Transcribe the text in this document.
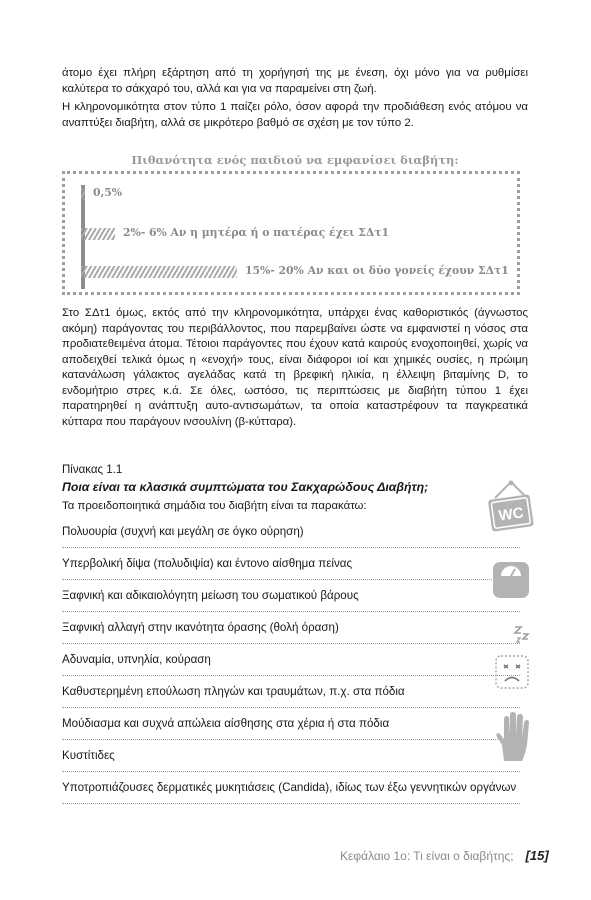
άτομο έχει πλήρη εξάρτηση από τη χορήγησή της με ένεση, όχι μόνο για να ρυθμίσει καλύτερα το σάκχαρό του, αλλά και για να παραμείνει στη ζωή.

Η κληρονομικότητα στον τύπο 1 παίζει ρόλο, όσον αφορά την προδιάθεση ενός ατόμου να αναπτύξει διαβήτη, αλλά σε μικρότερο βαθμό σε σχέση με τον τύπο 2.

Πιθανότητα ενός παιδιού να εμφανίσει διαβήτη:
0,5%
2%- 6% Αν η μητέρα ή ο πατέρας έχει ΣΔτ1
15%- 20% Αν και οι δύο γονείς έχουν ΣΔτ1

Στο ΣΔτ1 όμως, εκτός από την κληρονομικότητα, υπάρχει ένας καθοριστικός (άγνωστος ακόμη) παράγοντας του περιβάλλοντος, που παρεμβαίνει ώστε να εμφανιστεί η νόσος στα προδιατεθειμένα άτομα. Τέτοιοι παράγοντες που έχουν κατά καιρούς ενοχοποιηθεί, χωρίς να αποδειχθεί τελικά όμως η «ενοχή» τους, είναι διάφοροι ιοί και χημικές ουσίες, η πρώιμη κατανάλωση γάλακτος αγελάδας κατά τη βρεφική ηλικία, η έλλειψη βιταμίνης D, το ενδομήτριο στρες κ.ά. Σε όλες, ωστόσο, τις περιπτώσεις με διαβήτη τύπου 1 έχει παρατηρηθεί η ανάπτυξη αυτο-αντισωμάτων, τα οποία καταστρέφουν τα παγκρεατικά κύτταρα που παράγουν ινσουλίνη (β-κύτταρα).

Πίνακας 1.1
Ποια είναι τα κλασικά συμπτώματα του Σακχαρώδους Διαβήτη;
Τα προειδοποιητικά σημάδια του διαβήτη είναι τα παρακάτω:
Πολυουρία (συχνή και μεγάλη σε όγκο ούρηση)
Υπερβολική δίψα (πολυδιψία) και έντονο αίσθημα πείνας
Ξαφνική και αδικαιολόγητη μείωση του σωματικού βάρους
Ξαφνική αλλαγή στην ικανότητα όρασης (θολή όραση)
Αδυναμία, υπνηλία, κούραση
Καθυστερημένη επούλωση πληγών και τραυμάτων, π.χ. στα πόδια
Μούδιασμα και συχνά απώλεια αίσθησης στα χέρια ή στα πόδια
Κυστίτιδες
Υποτροπιάζουσες δερματικές μυκητιάσεις (Candida), ιδίως των έξω γεννητικών οργάνων
WC
Κεφάλαιο 1ο: Τι είναι ο διαβήτης; [15]
